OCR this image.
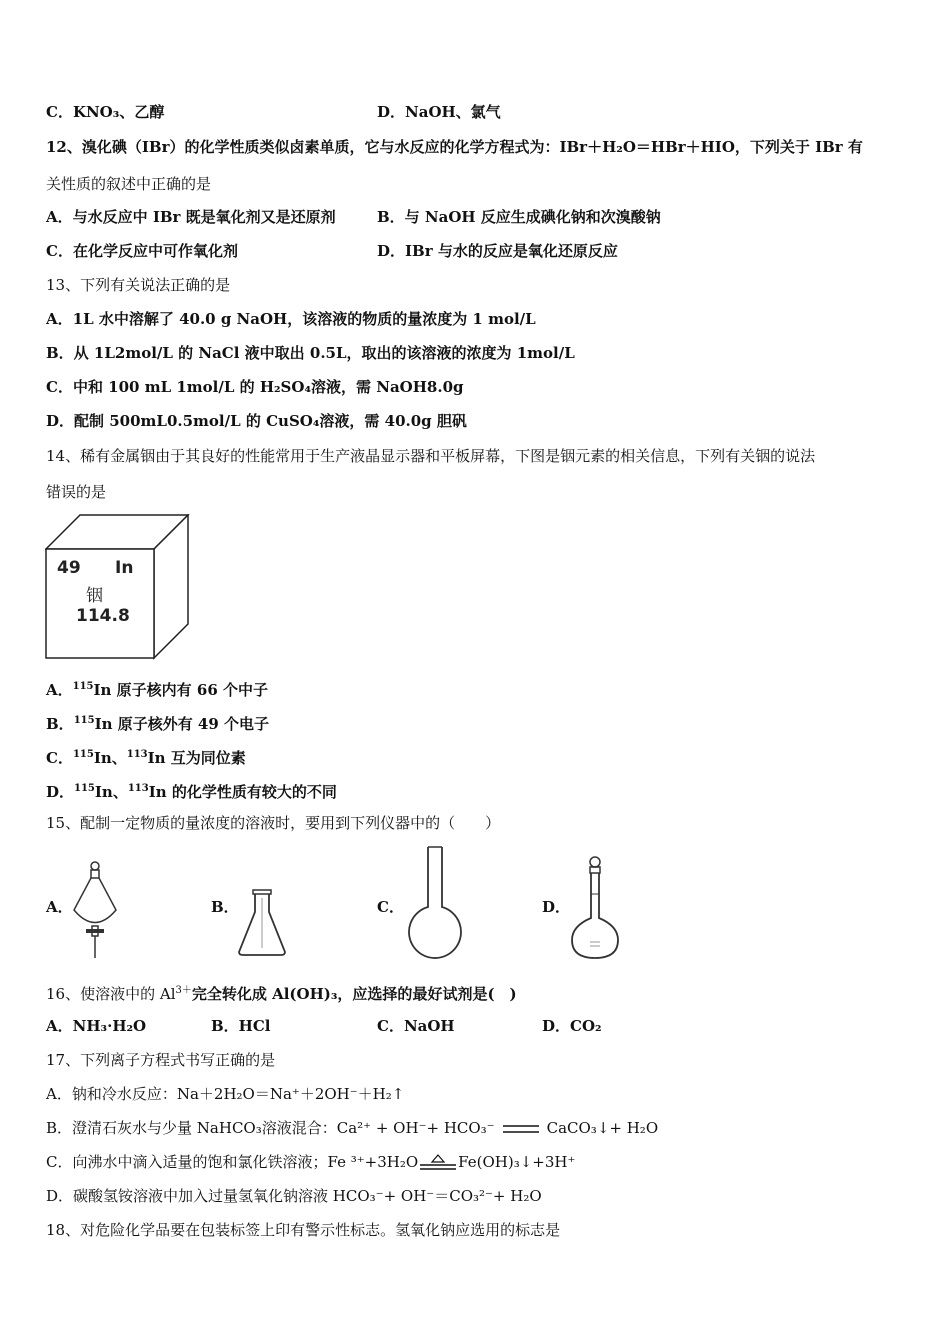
C．KNO₃、乙醇	D．NaOH、氯气
12、溴化碘（IBr）的化学性质类似卤素单质，它与水反应的化学方程式为：IBr＋H₂O＝HBr＋HIO，下列关于 IBr 有
关性质的叙述中正确的是
A．与水反应中 IBr 既是氧化剂又是还原剂	B．与 NaOH 反应生成碘化钠和次溴酸钠
C．在化学反应中可作氧化剂	D．IBr 与水的反应是氧化还原反应
13、下列有关说法正确的是
A．1L 水中溶解了 40.0 g NaOH，该溶液的物质的量浓度为 1 mol/L
B．从 1L2mol/L 的 NaCl 液中取出 0.5L，取出的该溶液的浓度为 1mol/L
C．中和 100 mL 1mol/L 的 H₂SO₄溶液，需 NaOH8.0g
D．配制 500mL0.5mol/L 的 CuSO₄溶液，需 40.0g 胆矾
14、稀有金属铟由于其良好的性能常用于生产液晶显示器和平板屏幕，下图是铟元素的相关信息，下列有关铟的说法
错误的是
49 In
铟
114.8
A．$^{115}$In 原子核内有 66 个中子
B．$^{115}$In 原子核外有 49 个电子
C．$^{115}$In、$^{113}$In 互为同位素
D．$^{115}$In、$^{113}$In 的化学性质有较大的不同
15、配制一定物质的量浓度的溶液时，要用到下列仪器中的（　　）
A．	B．	C．	D．
16、使溶液中的 $Al^{3+}$完全转化成 Al(OH)₃，应选择的最好试剂是(　)
A．NH₃·H₂O	B．HCl	C．NaOH	D．CO₂
17、下列离子方程式书写正确的是
A．钠和冷水反应：Na＋2H₂O＝Na⁺＋2OH⁻＋H₂↑
B．澄清石灰水与少量 NaHCO₃溶液混合：Ca²⁺ + OH⁻+ HCO₃⁻	CaCO₃↓+ H₂O
C．向沸水中滴入适量的饱和氯化铁溶液；Fe ³⁺+3H₂O	Fe(OH)₃↓+3H⁺
D．碳酸氢铵溶液中加入过量氢氧化钠溶液 HCO₃⁻+ OH⁻＝CO₃²⁻+ H₂O
18、对危险化学品要在包装标签上印有警示性标志。氢氧化钠应选用的标志是
